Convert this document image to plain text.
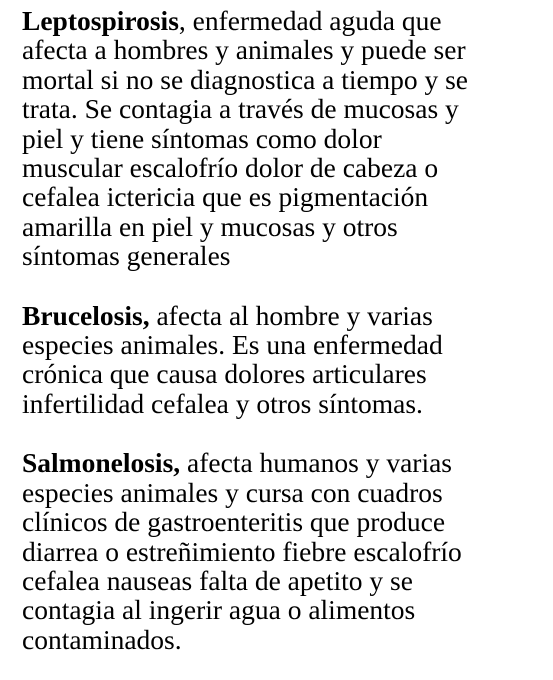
Leptospirosis, enfermedad aguda que
afecta a hombres y animales y puede ser
mortal si no se diagnostica a tiempo y se
trata. Se contagia a través de mucosas y
piel y tiene síntomas como dolor
muscular escalofrío dolor de cabeza o
cefalea ictericia que es pigmentación
amarilla en piel y mucosas y otros
síntomas generales

Brucelosis, afecta al hombre y varias
especies animales. Es una enfermedad
crónica que causa dolores articulares
infertilidad cefalea y otros síntomas.

Salmonelosis, afecta humanos y varias
especies animales y cursa con cuadros
clínicos de gastroenteritis que produce
diarrea o estreñimiento fiebre escalofrío
cefalea nauseas falta de apetito y se
contagia al ingerir agua o alimentos
contaminados.
